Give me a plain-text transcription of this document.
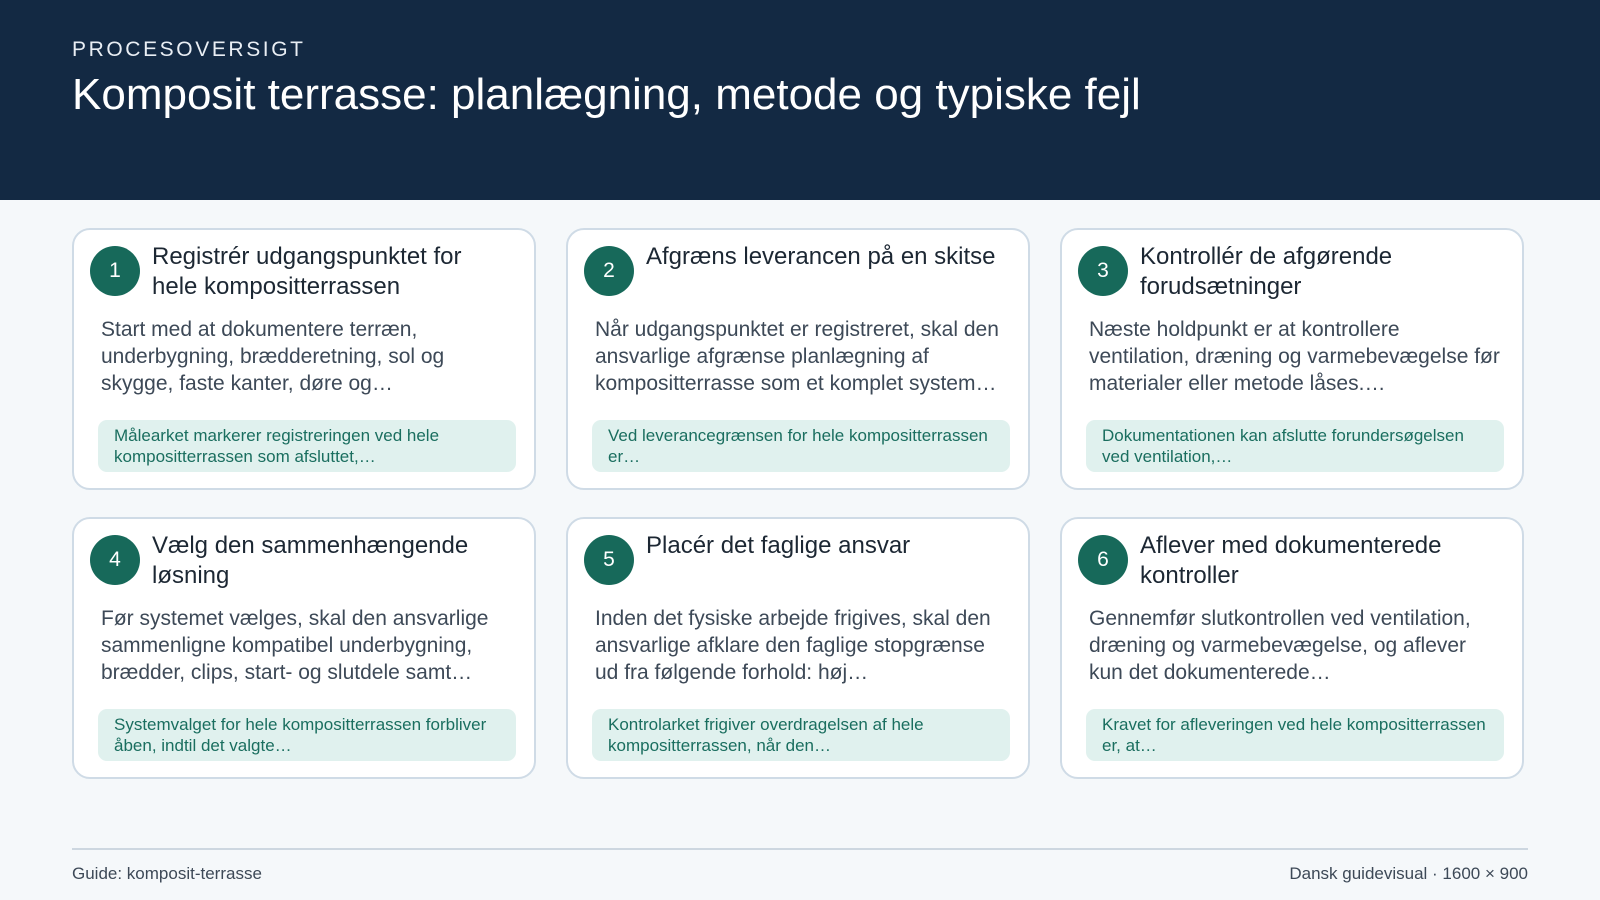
PROCESOVERSIGT
Komposit terrasse: planlægning, metode og typiske fejl
1
Registrér udgangspunktet for hele kompositterrassen
Start med at dokumentere terræn, underbygning, brædderetning, sol og skygge, faste kanter, døre og…
Målearket markerer registreringen ved hele kompositterrassen som afsluttet,…
2
Afgræns leverancen på en skitse
Når udgangspunktet er registreret, skal den ansvarlige afgrænse planlægning af kompositterrasse som et komplet system…
Ved leverancegrænsen for hele kompositterrassen er…
3
Kontrollér de afgørende forudsætninger
Næste holdpunkt er at kontrollere ventilation, dræning og varmebevægelse før materialer eller metode låses.…
Dokumentationen kan afslutte forundersøgelsen ved ventilation,…
4
Vælg den sammenhængende løsning
Før systemet vælges, skal den ansvarlige sammenligne kompatibel underbygning, brædder, clips, start- og slutdele samt…
Systemvalget for hele kompositterrassen forbliver åben, indtil det valgte…
5
Placér det faglige ansvar
Inden det fysiske arbejde frigives, skal den ansvarlige afklare den faglige stopgrænse ud fra følgende forhold: høj…
Kontrolarket frigiver overdragelsen af hele kompositterrassen, når den…
6
Aflever med dokumenterede kontroller
Gennemfør slutkontrollen ved ventilation, dræning og varmebevægelse, og aflever kun det dokumenterede…
Kravet for afleveringen ved hele kompositterrassen er, at…
Guide: komposit-terrasse	Dansk guidevisual · 1600 × 900
